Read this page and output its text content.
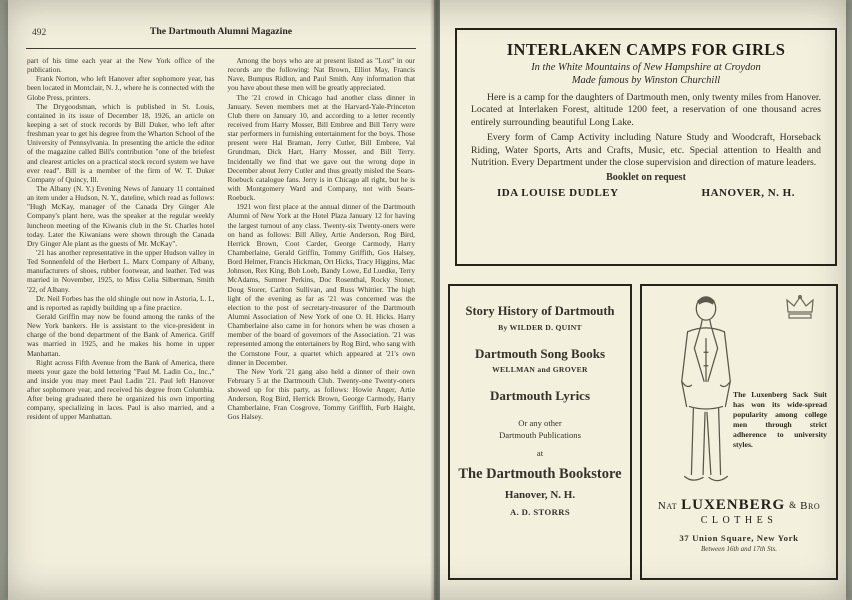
492	The Dartmouth Alumni Magazine

part of his time each year at the New York office of the publication.

Frank Norton, who left Hanover after sophomore year, has been located in Montclair, N. J., where he is connected with the Globe Press, printers.

The Drygoodsman, which is published in St. Louis, contained in its issue of December 18, 1926, an article on keeping a set of stock records by Bill Duker, who left after freshman year to get his degree from the Wharton School of the University of Pennsylvania. In presenting the article the editor of the magazine called Bill's contribution "one of the briefest and clearest articles on a practical stock record system we have ever read". Bill is a member of the firm of W. T. Duker Company of Quincy, Ill.

The Albany (N. Y.) Evening News of January 11 contained an item under a Hudson, N. Y., dateline, which read as follows: "Hugh McKay, manager of the Canada Dry Ginger Ale Company's plant here, was the speaker at the regular weekly luncheon meeting of the Kiwanis club in the St. Charles hotel today. Later the Kiwanians were shown through the Canada Dry Ginger Ale plant as the guests of Mr. McKay".

'21 has another representative in the upper Hudson valley in Ted Sonnenfeld of the Herbert L. Marx Company of Albany, manufacturers of shoes, rubber footwear, and leather. Ted was married in November, 1925, to Miss Celia Silberman, Smith '22, of Albany.

Dr. Neil Forbes has the old shingle out now in Astoria, L. I., and is reported as rapidly building up a fine practice.

Gerald Griffin may now be found among the ranks of the New York bankers. He is assistant to the vice-president in charge of the bond department of the Bank of America. Griff was married in 1925, and he makes his home in upper Manhattan.

Right across Fifth Avenue from the Bank of America, there meets your gaze the bold lettering "Paul M. Ladin Co., Inc.," and inside you may meet Paul Ladin '21. Paul left Hanover after sophomore year, and received his degree from Columbia. After being graduated there he organized his own importing company, specializing in laces. Paul is also married, and a resident of upper Manhattan.

Among the boys who are at present listed as "Lost" in our records are the following: Nat Brown, Elliot May, Francis Nave, Bumpus Ridlon, and Paul Smith. Any information that you have about these men will be greatly appreciated.

The '21 crowd in Chicago had another class dinner in January. Seven members met at the Harvard-Yale-Princeton Club there on January 10, and according to a letter recently received from Harry Mosser, Bill Embree and Bill Terry were star performers in furnishing entertainment for the boys. Those present were Hal Braman, Jerry Cutler, Bill Embree, Val Grundman, Dick Hart, Harry Mosser, and Bill Terry. Incidentally we find that we gave out the wrong dope in December about Jerry Cutler and thus greatly misled the Sears-Roebuck catalogue fans. Jerry is in Chicago all right, but he is with Montgomery Ward and Company, not with Sears-Roebuck.

1921 won first place at the annual dinner of the Dartmouth Alumni of New York at the Hotel Plaza January 12 for having the largest turnout of any class. Twenty-six Twenty-oners were on hand as follows: Bill Alley, Artie Anderson, Rog Bird, Herrick Brown, Coot Carder, George Carmody, Harry Chamberlaine, Gerald Griffin, Tommy Griffith, Gos Halsey, Bord Helmer, Francis Hickman, Ort Hicks, Tracy Higgins, Mac Johnson, Rex King, Bob Loeb, Bandy Lowe, Ed Luedke, Terry McAdams, Sumner Perkins, Doc Rosenthal, Rocky Stoner, Doug Storer, Carlton Sullivan, and Russ Whittier. The high light of the evening as far as '21 was concerned was the election to the post of secretary-treasurer of the Dartmouth Alumni Association of New York of one O. H. Hicks. Harry Chamberlaine also came in for honors when he was chosen a member of the board of governors of the Association. '21 was represented among the entertainers by Rog Bird, who sang with the Cornstone Four, a quartet which appeared at '21's own dinner in December.

The New York '21 gang also held a dinner of their own February 5 at the Dartmouth Club. Twenty-one Twenty-oners showed up for this party, as follows: Howie Anger, Artie Anderson, Rog Bird, Herrick Brown, George Carmody, Harry Chamberlaine, Fran Cosgrove, Tommy Griffith, Furb Haight, Gos Halsey.

INTERLAKEN CAMPS FOR GIRLS
In the White Mountains of New Hampshire at Croydon
Made famous by Winston Churchill

Here is a camp for the daughters of Dartmouth men, only twenty miles from Hanover. Located at Interlaken Forest, altitude 1200 feet, a reservation of one thousand acres entirely surrounding beautiful Long Lake.

Every form of Camp Activity including Nature Study and Woodcraft, Horseback Riding, Water Sports, Arts and Crafts, Music, etc. Special attention to Health and Nutrition. Every Department under the close supervision and direction of mature leaders.

Booklet on request
IDA LOUISE DUDLEY	HANOVER, N. H.
Story History of Dartmouth
By WILDER D. QUINT
Dartmouth Song Books
WELLMAN and GROVER
Dartmouth Lyrics
Or any other
Dartmouth Publications
at
The Dartmouth Bookstore
Hanover, N. H.
A. D. STORRS

The Luxenberg Sack Suit has won its wide-spread popularity among college men through strict adherence to university styles.

Nat LUXENBERG & Bro
CLOTHES
37 Union Square, New York
Between 16th and 17th Sts.
